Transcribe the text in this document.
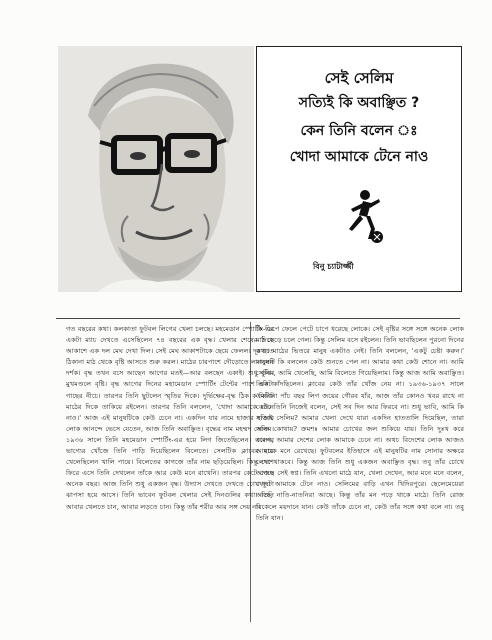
সেই সেলিম
সত্যিই কি অবাঞ্ছিত ?
কেন তিনি বলেন ঃ
খোদা আমাকে টেনে নাও
বিনু চ্যাটার্জ্জী

গত বছরের কথা। কলকাতা ফুটবল লিগের খেলা চলছে। মহমেডান স্পোর্টিং-এর একটা ম্যাচ দেখতে এসেছিলেন ৭৪ বছরের এক বৃদ্ধ। খেলার শেষের দিকে আকাশে এক দল মেঘ দেখা দিল। সেই মেঘ আকাশটাকে ছেয়ে ফেলল। দূর হতে ঠিকানা মাঠ থেকে বৃষ্টি আসতে শুরু করল। মাঠের চারপাশে দৌড়োতে লাগলেন দর্শক। বৃদ্ধ তখন বসে আছেন আগের মতই—আর বলছেন একাই। শুধু বুঝি। মুখমণ্ডলে বৃষ্টি। বৃদ্ধ আগের দিনের মহামেডান স্পোর্টিং টেন্টের পাশে একটা গাছের নীচে। তারপর তিনি ছুটলেন স্মৃতির দিকে। দুর্ভিক্ষের-বৃদ্ধ ঠিক ক'মিনিট মাঠের দিকে তাকিয়ে রইলেন। তারপর তিনি বললেন, 'খোদা আমাকে টেনে নাও।' আজ এই মানুষটিকে কেউ চেনে না। একদিন যার নামে হাজার হাজার লোক আনন্দে ভেসে যেতেন, আজ তিনি অবাঞ্ছিত। বৃদ্ধের নাম মহম্মদ সেলিম। ১৯৩৬ সালে তিনি মহমেডান স্পোর্টিং-এর হয়ে লিগ জিতেছিলেন। তারপর ভাগ্যের খোঁজে তিনি পাড়ি দিয়েছিলেন বিলেতে। সেলটিক ক্লাবের হয়ে খেলেছিলেন খালি পায়ে। বিলেতের কাগজে তাঁর নাম ছড়িয়েছিল। কিন্তু দেশে ফিরে এসে তিনি দেখলেন তাঁকে আর কেউ মনে রাখেনি। তারপর কেটে গেছে অনেক বছর। আজ তিনি শুধু একজন বৃদ্ধ। উদ্যাস দেখতে দেখতে চোখ দুটো ঝাপসা হয়ে আসে। তিনি ভাবেন ফুটবল খেলার সেই দিনগুলির কথা। তিনি আবার খেলতে চান, আবার লড়তে চান। কিন্তু তাঁর শরীর আর সঙ্গ দেয় না।

কি ডিপে ফেলে পেটে চাপে ধরেছে লোকে। সেই বৃষ্টির সঙ্গে সঙ্গে অনেক লোক মাঠ ছেড়ে চলে গেল। কিন্তু সেলিম বসে রইলেন। তিনি ভাবছিলেন পুরনো দিনের কথা। মাঠের ভিতরে মানুষ একটাও নেই। তিনি বললেন, 'একটু চেষ্টা করুন।' মানুষটি কি বললেন কেউ শুনতে পেল না। আমার কথা কেউ শোনে না। আমি সেলিম, আমি খেলেছি, আমি বিলেতে গিয়েছিলাম। কিন্তু আজ আমি অবাঞ্ছিত। তিনি কাঁদছিলেন। ক্লাবের কেউ তাঁর খোঁজ নেয় না। ১৯৩৬-১৯৩৭ সালে একটানা পাঁচ বছর লিগ জয়ের গৌরব যাঁর, আজ তাঁর কোনও খবর রাখে না কেউ। তিনি নিজেই বলেন, সেই সব দিন আর ফিরবে না। শুধু ভাবি, আমি কি সত্যিই সেলিম? আমার খেলা দেখে যারা একদিন হাততালি দিয়েছিল, তারা আজ কোথায়? ক্রমশঃ আমার চোখের জল শুকিয়ে যায়। তিনি দুঃখ করে বলেন, আমার দেশের লোক আমাকে চেনে না। অথচ বিদেশের লোক আজও আমাকে মনে রেখেছে। ফুটবলের ইতিহাসে এই মানুষটির নাম সোনার অক্ষরে লেখা থাকবে। কিন্তু আজ তিনি শুধু একজন অবাঞ্ছিত বৃদ্ধ। তবু তাঁর চোখে আজও সেই স্বপ্ন। তিনি এখনো মাঠে যান, খেলা দেখেন, আর মনে মনে বলেন, খোদা আমাকে টেনে নাও। সেলিমের বাড়ি এখন খিদিরপুরে। ছেলেমেয়েরা আছে, নাতি-নাতনিরা আছে। কিন্তু তাঁর মন পড়ে থাকে মাঠে। তিনি রোজ বিকেলে ময়দানে যান। কেউ তাঁকে চেনে না, কেউ তাঁর সঙ্গে কথা বলে না। তবু তিনি যান।
